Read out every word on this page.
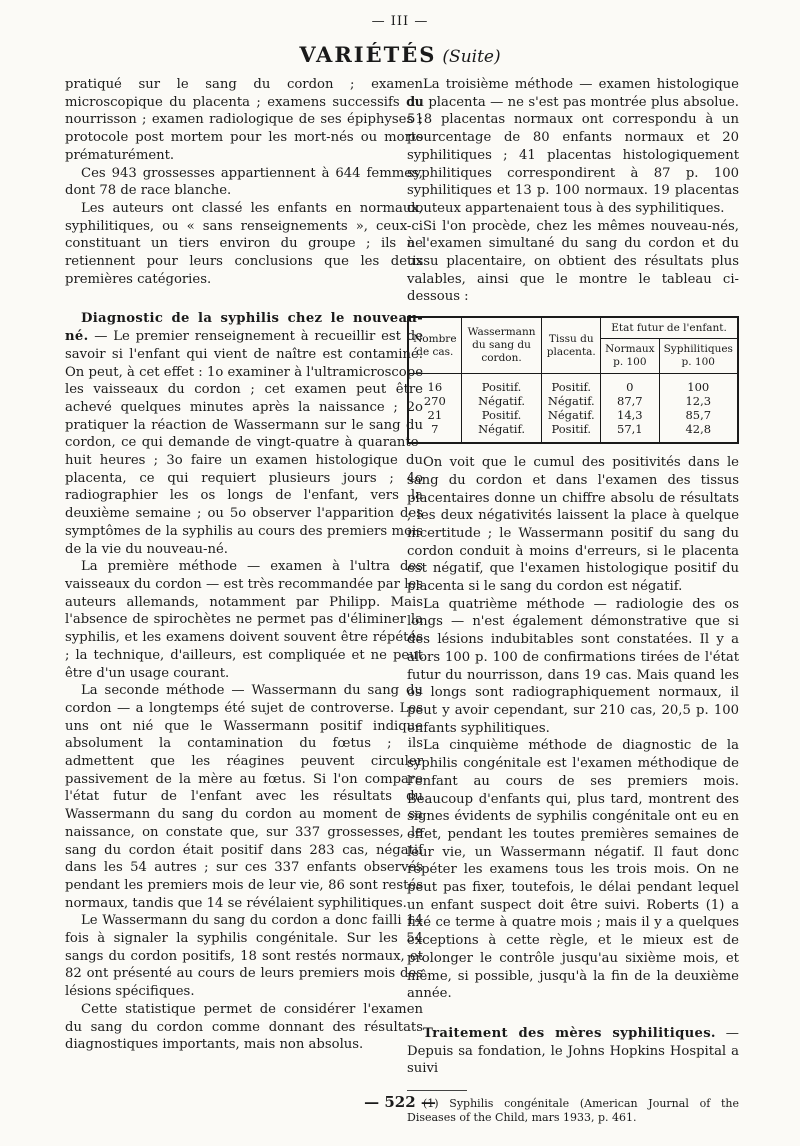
— III —
VARIÉTÉS (Suite)

pratiqué sur le sang du cordon ; examen microscopique du placenta ; examens successifs du nourrisson ; examen radiologique de ses épiphyses ; protocole post mortem pour les mort-nés ou morts prématurément.

Ces 943 grossesses appartiennent à 644 femmes, dont 78 de race blanche.

Les auteurs ont classé les enfants en normaux, syphilitiques, ou « sans renseignements », ceux-ci constituant un tiers environ du groupe ; ils ne retiennent pour leurs conclusions que les deux premières catégories.

Diagnostic de la syphilis chez le nouveau-né. — Le premier renseignement à recueillir est de savoir si l'enfant qui vient de naître est contaminé. On peut, à cet effet : 1o examiner à l'ultramicroscope les vaisseaux du cordon ; cet examen peut être achevé quelques minutes après la naissance ; 2o pratiquer la réaction de Wassermann sur le sang du cordon, ce qui demande de vingt-quatre à quarante-huit heures ; 3o faire un examen histologique du placenta, ce qui requiert plusieurs jours ; 4o radiographier les os longs de l'enfant, vers la deuxième semaine ; ou 5o observer l'apparition des symptômes de la syphilis au cours des premiers mois de la vie du nouveau-né.

La première méthode — examen à l'ultra des vaisseaux du cordon — est très recommandée par les auteurs allemands, notamment par Philipp. Mais l'absence de spirochètes ne permet pas d'éliminer la syphilis, et les examens doivent souvent être répétés ; la technique, d'ailleurs, est compliquée et ne peut être d'un usage courant.

La seconde méthode — Wassermann du sang du cordon — a longtemps été sujet de controverse. Les uns ont nié que le Wassermann positif indique absolument la contamination du fœtus ; ils admettent que les réagines peuvent circuler passivement de la mère au fœtus. Si l'on compare l'état futur de l'enfant avec les résultats du Wassermann du sang du cordon au moment de sa naissance, on constate que, sur 337 grossesses, le sang du cordon était positif dans 283 cas, négatif dans les 54 autres ; sur ces 337 enfants observés pendant les premiers mois de leur vie, 86 sont restés normaux, tandis que 14 se révélaient syphilitiques.

Le Wassermann du sang du cordon a donc failli 14 fois à signaler la syphilis congénitale. Sur les 54 sangs du cordon positifs, 18 sont restés normaux, et 82 ont présenté au cours de leurs premiers mois des lésions spécifiques.

Cette statistique permet de considérer l'examen du sang du cordon comme donnant des résultats diagnostiques importants, mais non absolus.

La troisième méthode — examen histologique du placenta — ne s'est pas montrée plus absolue. 518 placentas normaux ont correspondu à un pourcentage de 80 enfants normaux et 20 syphilitiques ; 41 placentas histologiquement syphilitiques correspondirent à 87 p. 100 syphilitiques et 13 p. 100 normaux. 19 placentas douteux appartenaient tous à des syphilitiques.

Si l'on procède, chez les mêmes nouveau-nés, à l'examen simultané du sang du cordon et du tissu placentaire, on obtient des résultats plus valables, ainsi que le montre le tableau ci-dessous :

Nombre de cas.	Wassermann du sang du cordon.	Tissu du placenta.	Etat futur de l'enfant.	
			Normaux p. 100	Syphilitiques p. 100
16	Positif.	Positif.	0	100
270	Négatif.	Négatif.	87,7	12,3
21	Positif.	Négatif.	14,3	85,7
7	Négatif.	Positif.	57,1	42,8

On voit que le cumul des positivités dans le sang du cordon et dans l'examen des tissus placentaires donne un chiffre absolu de résultats ; les deux négativités laissent la place à quelque incertitude ; le Wassermann positif du sang du cordon conduit à moins d'erreurs, si le placenta est négatif, que l'examen histologique positif du placenta si le sang du cordon est négatif.

La quatrième méthode — radiologie des os longs — n'est également démonstrative que si des lésions indubitables sont constatées. Il y a alors 100 p. 100 de confirmations tirées de l'état futur du nourrisson, dans 19 cas. Mais quand les os longs sont radiographiquement normaux, il peut y avoir cependant, sur 210 cas, 20,5 p. 100 enfants syphilitiques.

La cinquième méthode de diagnostic de la syphilis congénitale est l'examen méthodique de l'enfant au cours de ses premiers mois. Beaucoup d'enfants qui, plus tard, montrent des signes évidents de syphilis congénitale ont eu en effet, pendant les toutes premières semaines de leur vie, un Wassermann négatif. Il faut donc répéter les examens tous les trois mois. On ne peut pas fixer, toutefois, le délai pendant lequel un enfant suspect doit être suivi. Roberts (1) a fixé ce terme à quatre mois ; mais il y a quelques exceptions à cette règle, et le mieux est de prolonger le contrôle jusqu'au sixième mois, et même, si possible, jusqu'à la fin de la deuxième année.

Traitement des mères syphilitiques. — Depuis sa fondation, le Johns Hopkins Hospital a suivi

(1) Syphilis congénitale (American Journal of the Diseases of the Child, mars 1933, p. 461.

— 522 —
